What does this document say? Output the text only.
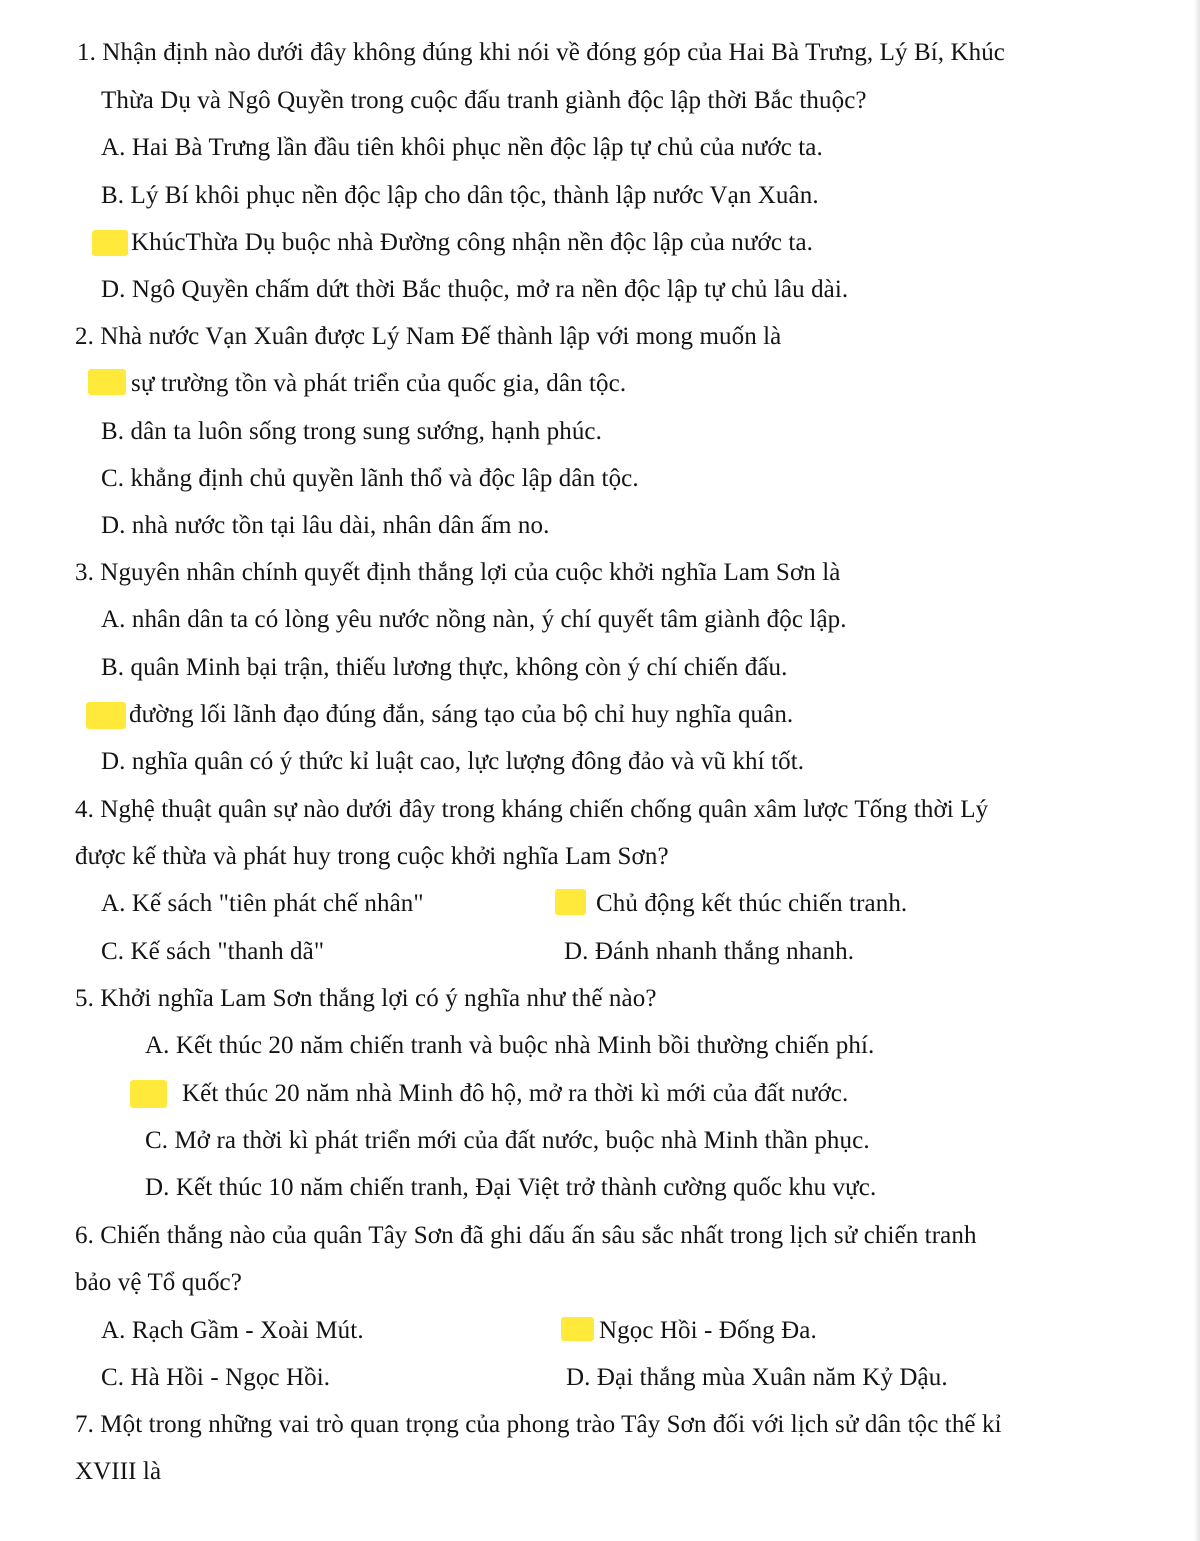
1. Nhận định nào dưới đây không đúng khi nói về đóng góp của Hai Bà Trưng, Lý Bí, Khúc
Thừa Dụ và Ngô Quyền trong cuộc đấu tranh giành độc lập thời Bắc thuộc?
A. Hai Bà Trưng lần đầu tiên khôi phục nền độc lập tự chủ của nước ta.
B. Lý Bí khôi phục nền độc lập cho dân tộc, thành lập nước Vạn Xuân.
KhúcThừa Dụ buộc nhà Đường công nhận nền độc lập của nước ta.
D. Ngô Quyền chấm dứt thời Bắc thuộc, mở ra nền độc lập tự chủ lâu dài.
2. Nhà nước Vạn Xuân được Lý Nam Đế thành lập với mong muốn là
sự trường tồn và phát triển của quốc gia, dân tộc.
B. dân ta luôn sống trong sung sướng, hạnh phúc.
C. khẳng định chủ quyền lãnh thổ và độc lập dân tộc.
D. nhà nước tồn tại lâu dài, nhân dân ấm no.
3. Nguyên nhân chính quyết định thắng lợi của cuộc khởi nghĩa Lam Sơn là
A. nhân dân ta có lòng yêu nước nồng nàn, ý chí quyết tâm giành độc lập.
B. quân Minh bại trận, thiếu lương thực, không còn ý chí chiến đấu.
đường lối lãnh đạo đúng đắn, sáng tạo của bộ chỉ huy nghĩa quân.
D. nghĩa quân có ý thức kỉ luật cao, lực lượng đông đảo và vũ khí tốt.
4. Nghệ thuật quân sự nào dưới đây trong kháng chiến chống quân xâm lược Tống thời Lý
được kế thừa và phát huy trong cuộc khởi nghĩa Lam Sơn?
A. Kế sách "tiên phát chế nhân"	Chủ động kết thúc chiến tranh.
C. Kế sách "thanh dã"	D. Đánh nhanh thắng nhanh.
5. Khởi nghĩa Lam Sơn thắng lợi có ý nghĩa như thế nào?
A. Kết thúc 20 năm chiến tranh và buộc nhà Minh bồi thường chiến phí.
Kết thúc 20 năm nhà Minh đô hộ, mở ra thời kì mới của đất nước.
C. Mở ra thời kì phát triển mới của đất nước, buộc nhà Minh thần phục.
D. Kết thúc 10 năm chiến tranh, Đại Việt trở thành cường quốc khu vực.
6. Chiến thắng nào của quân Tây Sơn đã ghi dấu ấn sâu sắc nhất trong lịch sử chiến tranh
bảo vệ Tổ quốc?
A. Rạch Gầm - Xoài Mút.	Ngọc Hồi - Đống Đa.
C. Hà Hồi - Ngọc Hồi.	D. Đại thắng mùa Xuân năm Kỷ Dậu.
7. Một trong những vai trò quan trọng của phong trào Tây Sơn đối với lịch sử dân tộc thế kỉ
XVIII là
